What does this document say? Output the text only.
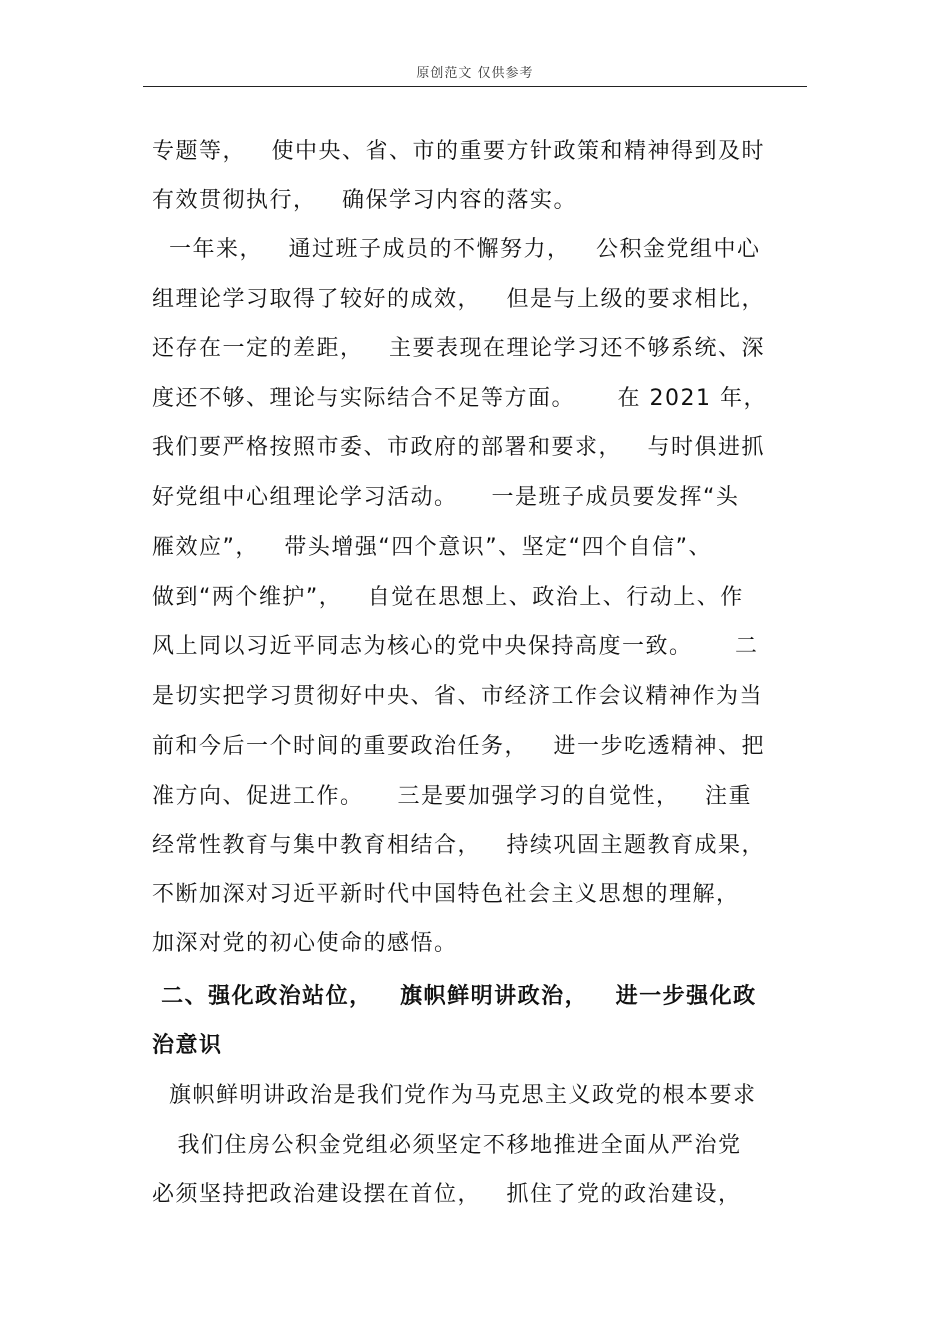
原创范文 仅供参考
专题等，   使中央、省、市的重要方针政策和精神得到及时
有效贯彻执行，   确保学习内容的落实。
一年来，   通过班子成员的不懈努力，   公积金党组中心
组理论学习取得了较好的成效，   但是与上级的要求相比，
还存在一定的差距，   主要表现在理论学习还不够系统、深
度还不够、理论与实际结合不足等方面。     在 2021 年，
我们要严格按照市委、市政府的部署和要求，   与时俱进抓
好党组中心组理论学习活动。    一是班子成员要发挥“头
雁效应”，   带头增强“四个意识”、坚定“四个自信”、
做到“两个维护”，   自觉在思想上、政治上、行动上、作
风上同以习近平同志为核心的党中央保持高度一致。     二
是切实把学习贯彻好中央、省、市经济工作会议精神作为当
前和今后一个时间的重要政治任务，   进一步吃透精神、把
准方向、促进工作。    三是要加强学习的自觉性，   注重
经常性教育与集中教育相结合，   持续巩固主题教育成果，
不断加深对习近平新时代中国特色社会主义思想的理解，
加深对党的初心使命的感悟。
二、强化政治站位，   旗帜鲜明讲政治，   进一步强化政
治意识
旗帜鲜明讲政治是我们党作为马克思主义政党的根本要求
我们住房公积金党组必须坚定不移地推进全面从严治党
必须坚持把政治建设摆在首位，   抓住了党的政治建设，
